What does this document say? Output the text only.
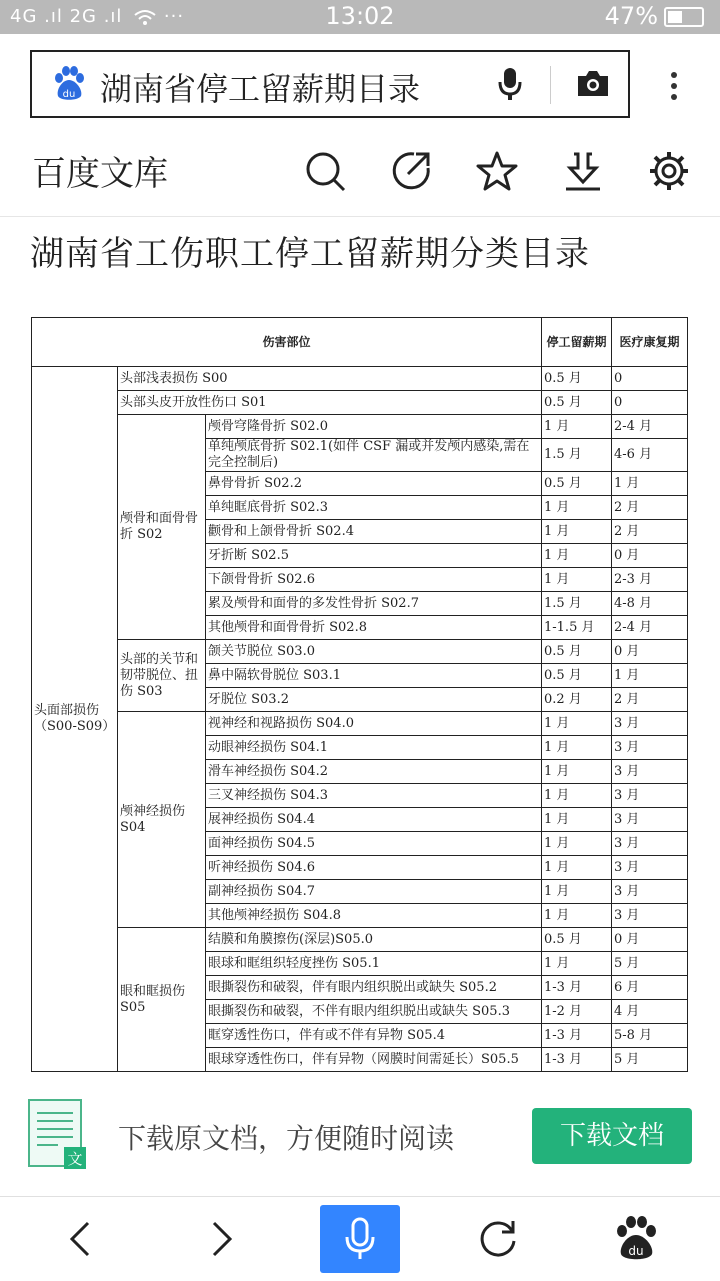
4G .ıl 2G .ıl ···	13:02	47%
du 湖南省停工留薪期目录
百度文库
湖南省工伤职工停工留薪期分类目录
伤害部位			停工留薪期	医疗康复期

头面部损伤
（S00-S09）	头部浅表损伤 S00		0.5 月	0
	头部头皮开放性伤口 S01		0.5 月	0
	颅骨和面骨骨折 S02	颅骨穹隆骨折 S02.0	1 月	2-4 月
		单纯颅底骨折 S02.1(如伴 CSF 漏或并发颅内感染,需在完全控制后)	1.5 月	4-6 月
		鼻骨骨折 S02.2	0.5 月	1 月
		单纯眶底骨折 S02.3	1 月	2 月
		颧骨和上颌骨骨折 S02.4	1 月	2 月
		牙折断 S02.5	1 月	0 月
		下颌骨骨折 S02.6	1 月	2-3 月
		累及颅骨和面骨的多发性骨折 S02.7	1.5 月	4-8 月
		其他颅骨和面骨骨折 S02.8	1-1.5 月	2-4 月
	头部的关节和韧带脱位、扭伤 S03	颌关节脱位 S03.0	0.5 月	0 月
		鼻中隔软骨脱位 S03.1	0.5 月	1 月
		牙脱位 S03.2	0.2 月	2 月
	颅神经损伤 S04	视神经和视路损伤 S04.0	1 月	3 月
		动眼神经损伤 S04.1	1 月	3 月
		滑车神经损伤 S04.2	1 月	3 月
		三叉神经损伤 S04.3	1 月	3 月
		展神经损伤 S04.4	1 月	3 月
		面神经损伤 S04.5	1 月	3 月
		听神经损伤 S04.6	1 月	3 月
		副神经损伤 S04.7	1 月	3 月
		其他颅神经损伤 S04.8	1 月	3 月
	眼和眶损伤 S05	结膜和角膜擦伤(深层)S05.0	0.5 月	0 月
		眼球和眶组织轻度挫伤 S05.1	1 月	5 月
		眼撕裂伤和破裂，伴有眼内组织脱出或缺失 S05.2	1-3 月	6 月
		眼撕裂伤和破裂，不伴有眼内组织脱出或缺失 S05.3	1-2 月	4 月
		眶穿透性伤口，伴有或不伴有异物 S05.4	1-3 月	5-8 月
		眼球穿透性伤口，伴有异物（网膜时间需延长）S05.5	1-3 月	5 月
文
下载原文档，方便随时阅读	下载文档
du
